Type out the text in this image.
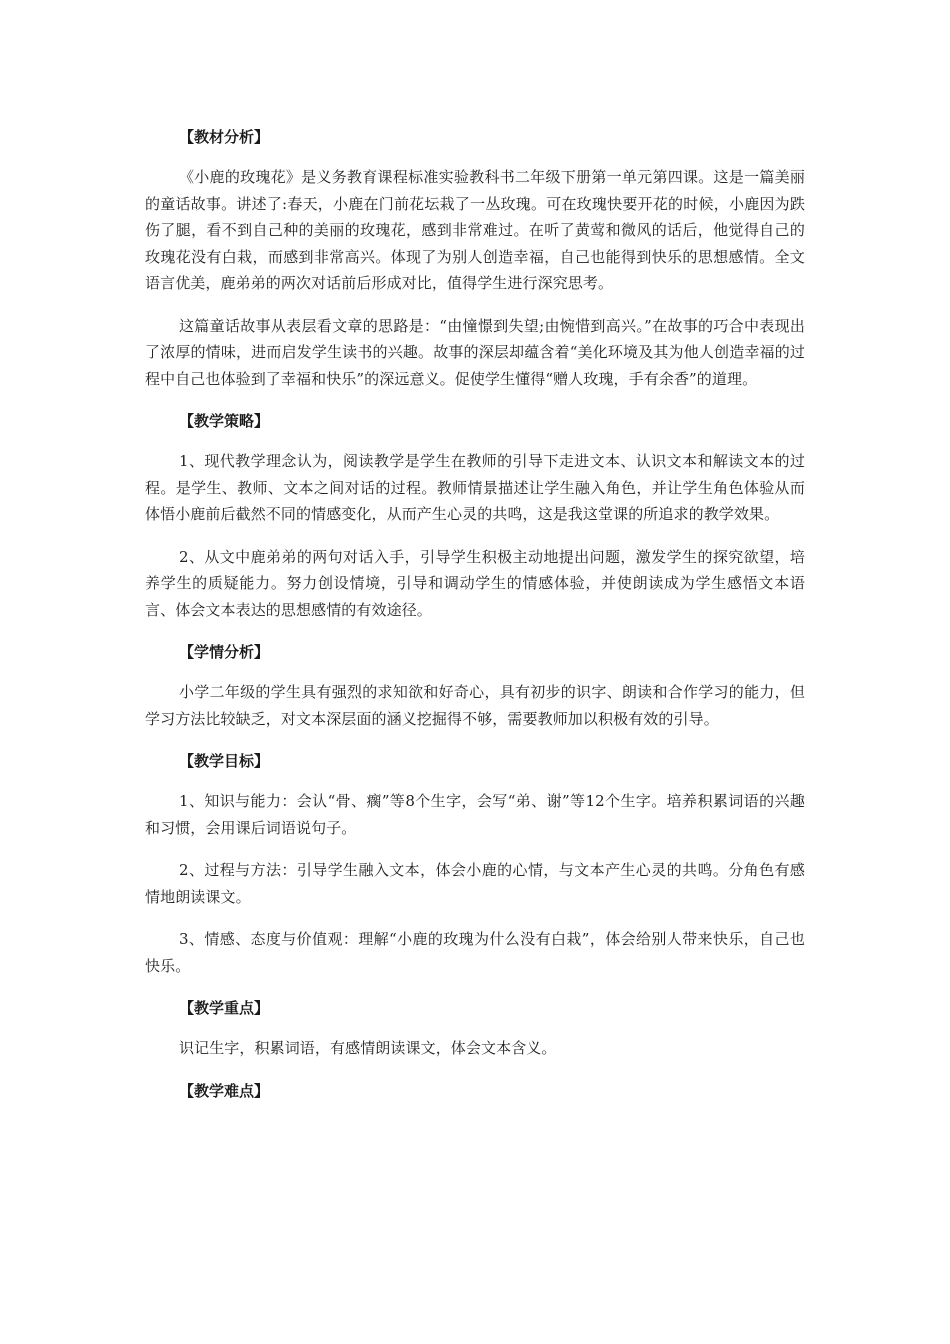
【教材分析】

《小鹿的玫瑰花》是义务教育课程标准实验教科书二年级下册第一单元第四课。这是一篇美丽的童话故事。讲述了:春天，小鹿在门前花坛栽了一丛玫瑰。可在玫瑰快要开花的时候，小鹿因为跌伤了腿，看不到自己种的美丽的玫瑰花，感到非常难过。在听了黄莺和微风的话后，他觉得自己的玫瑰花没有白栽，而感到非常高兴。体现了为别人创造幸福，自己也能得到快乐的思想感情。全文语言优美，鹿弟弟的两次对话前后形成对比，值得学生进行深究思考。

这篇童话故事从表层看文章的思路是：“由憧憬到失望;由惋惜到高兴。”在故事的巧合中表现出了浓厚的情味，进而启发学生读书的兴趣。故事的深层却蕴含着“美化环境及其为他人创造幸福的过程中自己也体验到了幸福和快乐”的深远意义。促使学生懂得“赠人玫瑰，手有余香”的道理。

【教学策略】

1、现代教学理念认为，阅读教学是学生在教师的引导下走进文本、认识文本和解读文本的过程。是学生、教师、文本之间对话的过程。教师情景描述让学生融入角色，并让学生角色体验从而体悟小鹿前后截然不同的情感变化，从而产生心灵的共鸣，这是我这堂课的所追求的教学效果。

2、从文中鹿弟弟的两句对话入手，引导学生积极主动地提出问题，激发学生的探究欲望，培养学生的质疑能力。努力创设情境，引导和调动学生的情感体验，并使朗读成为学生感悟文本语言、体会文本表达的思想感情的有效途径。

【学情分析】

小学二年级的学生具有强烈的求知欲和好奇心，具有初步的识字、朗读和合作学习的能力，但学习方法比较缺乏，对文本深层面的涵义挖掘得不够，需要教师加以积极有效的引导。

【教学目标】

1、知识与能力：会认“骨、瘸”等8个生字，会写“弟、谢”等12个生字。培养积累词语的兴趣和习惯，会用课后词语说句子。

2、过程与方法：引导学生融入文本，体会小鹿的心情，与文本产生心灵的共鸣。分角色有感情地朗读课文。

3、情感、态度与价值观：理解“小鹿的玫瑰为什么没有白栽”，体会给别人带来快乐，自己也快乐。

【教学重点】

识记生字，积累词语，有感情朗读课文，体会文本含义。

【教学难点】
